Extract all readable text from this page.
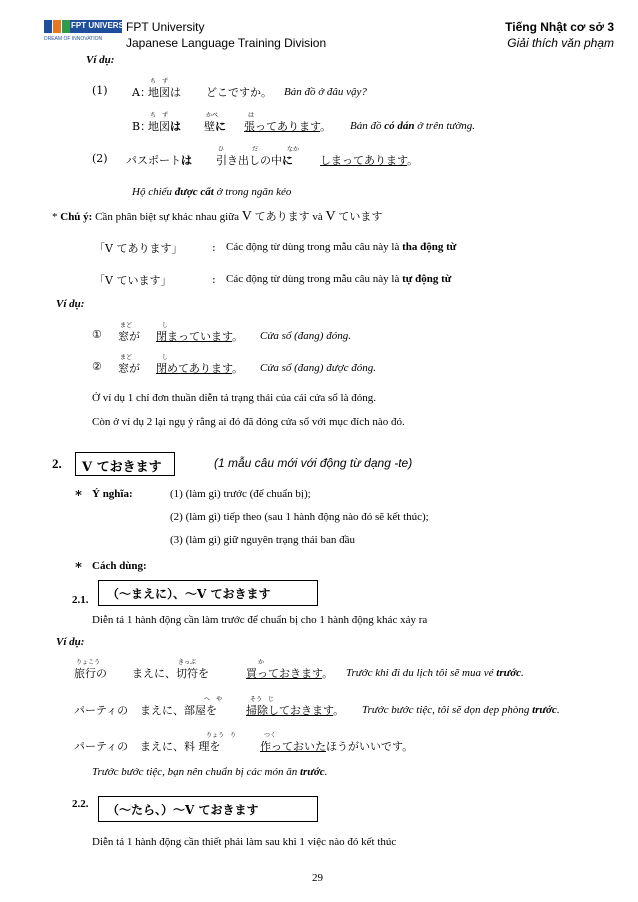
FPT UNIVERSITY
DREAM OF INNOVATION
FPT University
Japanese Language Training Division
Tiếng Nhật cơ sở 3
Giải thích văn phạm
Ví dụ:
(1) A：
ち　ず
地図は どこですか。 Bản đồ ở đâu vậy?
B：
ち　ず
地図は
かべ
壁に
は
張ってあります。 Bản đồ có dán ở trên tường.
(2) パスポートは
ひ	だ	なか
引き出しの中に しまってあります。
Hộ chiếu được cất ở trong ngăn kéo
* Chú ý: Cần phân biệt sự khác nhau giữa V てあります và V ています
「V てあります」	: Các động từ dùng trong mẫu câu này là tha động từ
「V ています」	: Các động từ dùng trong mẫu câu này là tự động từ
Ví dụ:
①
まど
窓が
し
閉まっています。 Cửa sổ (đang) đóng.
②
まど
窓が
し
閉めてあります。 Cửa sổ (đang) được đóng.
Ở ví dụ 1 chỉ đơn thuần diễn tả trạng thái của cái cửa sổ là đóng.
Còn ở ví dụ 2 lại ngụ ý rằng ai đó đã đóng cửa sổ với mục đích nào đó.
2. V ておきます	(1 mẫu câu mới với động từ dạng -te)
∗ Ý nghĩa:	(1) (làm gì) trước (để chuẩn bị);
(2) (làm gì) tiếp theo (sau 1 hành động nào đó sẽ kết thúc);
(3) (làm gì) giữ nguyên trạng thái ban đầu
∗ Cách dùng:
2.1. （～まえに）、～V ておきます
Diễn tả 1 hành động cần làm trước để chuẩn bị cho 1 hành động khác xảy ra
Ví dụ:
りょこう	きっぷ	か
旅行の まえに、切符を	買っておきます。 Trước khi đi du lịch tôi sẽ mua vé trước.
へ　や	そう　じ
パーティの まえに、部屋を	掃除しておきます。 Trước bước tiệc, tôi sẽ dọn dẹp phòng trước.
りょう　り	つく
パーティの まえに、料 理を	作っておいたほうがいいです。
Trước bước tiệc, bạn nên chuẩn bị các món ăn trước.
2.2. （～たら、）～V ておきます
Diễn tả 1 hành động cần thiết phải làm sau khi 1 việc nào đó kết thúc
29
